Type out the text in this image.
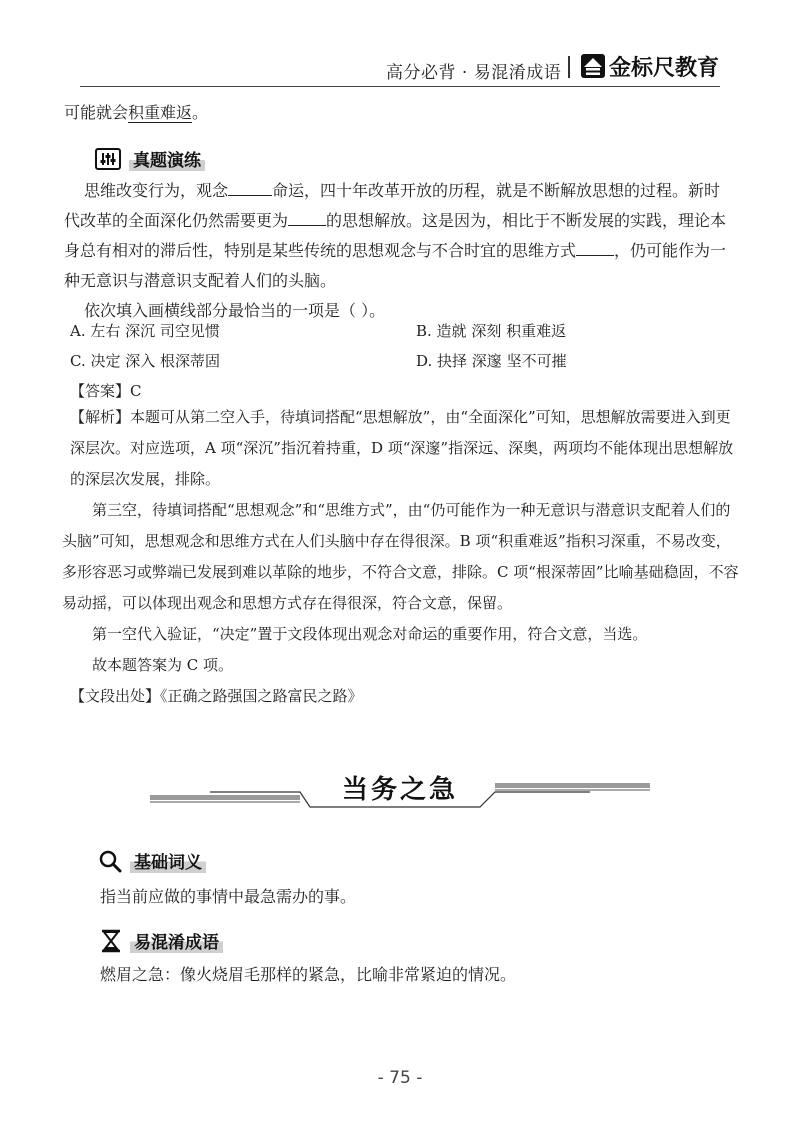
高分必背 · 易混淆成语 金标尺教育
可能就会积重难返。
真题演练
思维改变行为，观念	命运，四十年改革开放的历程，就是不断解放思想的过程。新时
代改革的全面深化仍然需要更为 的思想解放。这是因为，相比于不断发展的实践，理论本
身总有相对的滞后性，特别是某些传统的思想观念与不合时宜的思维方式 ，仍可能作为一
种无意识与潜意识支配着人们的头脑。
依次填入画横线部分最恰当的一项是（ ）。
A. 左右 深沉 司空见惯	B. 造就 深刻 积重难返
C. 决定 深入 根深蒂固	D. 抉择 深邃 坚不可摧
【答案】C

【解析】本题可从第二空入手，待填词搭配“思想解放”，由“全面深化”可知，思想解放需要进入到更深层次。对应选项，A 项“深沉”指沉着持重，D 项“深邃”指深远、深奥，两项均不能体现出思想解放的深层次发展，排除。

第三空，待填词搭配“思想观念”和“思维方式”，由“仍可能作为一种无意识与潜意识支配着人们的头脑”可知，思想观念和思维方式在人们头脑中存在得很深。B 项“积重难返”指积习深重，不易改变，多形容恶习或弊端已发展到难以革除的地步，不符合文意，排除。C 项“根深蒂固”比喻基础稳固，不容易动摇，可以体现出观念和思想方式存在得很深，符合文意，保留。

第一空代入验证，“决定”置于文段体现出观念对命运的重要作用，符合文意，当选。

故本题答案为 C 项。

【文段出处】《正确之路强国之路富民之路》

当务之急
基础词义
指当前应做的事情中最急需办的事。
易混淆成语
燃眉之急：像火烧眉毛那样的紧急，比喻非常紧迫的情况。
- 75 -
